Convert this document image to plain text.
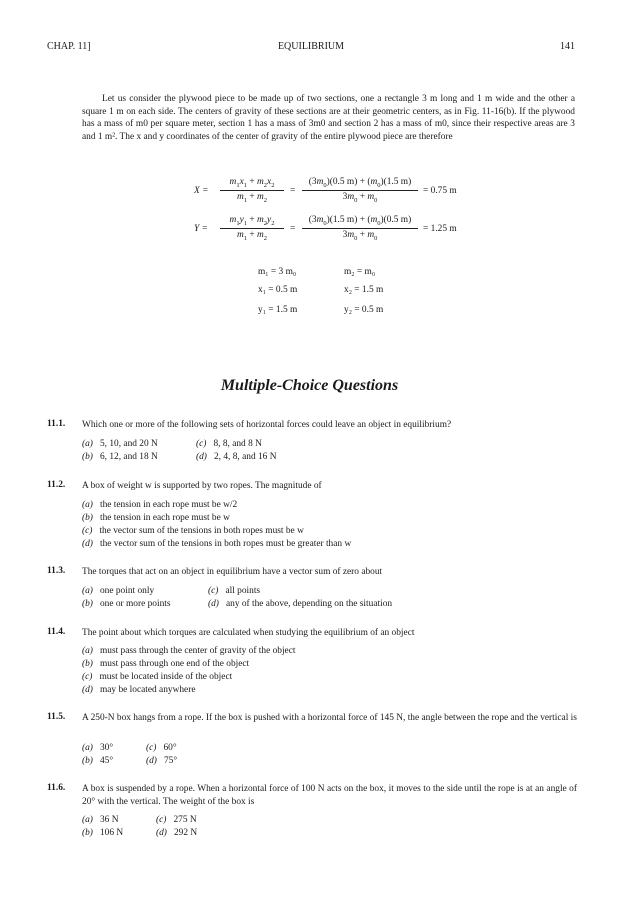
CHAP. 11]	EQUILIBRIUM	141
Let us consider the plywood piece to be made up of two sections, one a rectangle 3 m long and 1 m wide and the other a square 1 m on each side. The centers of gravity of these sections are at their geometric centers, as in Fig. 11-16(b). If the plywood has a mass of m0 per square meter, section 1 has a mass of 3m0 and section 2 has a mass of m0, since their respective areas are 3 and 1 m². The x and y coordinates of the center of gravity of the entire plywood piece are therefore
$X = \frac{m_1x_1 + m_2x_2}{m_1 + m_2} = \frac{(3m_0)(0.5 m) + (m_0)(1.5 m)}{3m_0 + m_0} = 0.75$ m
$Y = \frac{m_1y_1 + m_2y_2}{m_1 + m_2} = \frac{(3m_0)(1.5 m) + (m_0)(0.5 m)}{3m_0 + m_0} = 1.25$ m
m₁ = 3 m₀	m₂ = m₀
x₁ = 0.5 m	x₂ = 1.5 m
y₁ = 1.5 m	y₂ = 0.5 m
Multiple-Choice Questions
11.1. Which one or more of the following sets of horizontal forces could leave an object in equilibrium?
(a) 5, 10, and 20 N
(b) 6, 12, and 18 N
(c) 8, 8, and 8 N
(d) 2, 4, 8, and 16 N
11.2. A box of weight w is supported by two ropes. The magnitude of
(a) the tension in each rope must be w/2
(b) the tension in each rope must be w
(c) the vector sum of the tensions in both ropes must be w
(d) the vector sum of the tensions in both ropes must be greater than w
11.3. The torques that act on an object in equilibrium have a vector sum of zero about
(a) one point only
(b) one or more points
(c) all points
(d) any of the above, depending on the situation
11.4. The point about which torques are calculated when studying the equilibrium of an object
(a) must pass through the center of gravity of the object
(b) must pass through one end of the object
(c) must be located inside of the object
(d) may be located anywhere
11.5. A 250-N box hangs from a rope. If the box is pushed with a horizontal force of 145 N, the angle between the rope and the vertical is
(a) 30°
(b) 45°
(c) 60°
(d) 75°
11.6. A box is suspended by a rope. When a horizontal force of 100 N acts on the box, it moves to the side until the rope is at an angle of 20° with the vertical. The weight of the box is
(a) 36 N
(b) 106 N
(c) 275 N
(d) 292 N
